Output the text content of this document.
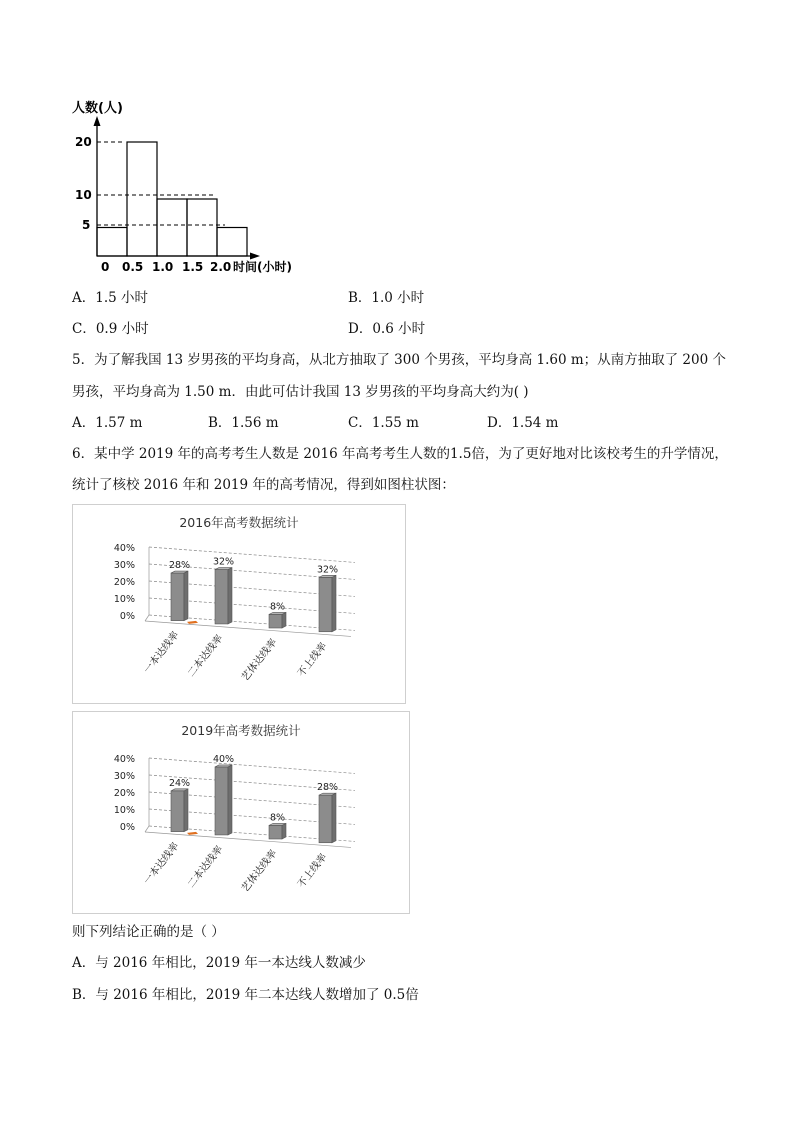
人数(人)
20
10
5
0 0.5 1.0 1.5 2.0 时间(小时)
A．1.5 小时	B．1.0 小时
C．0.9 小时	D．0.6 小时
5．为了解我国 13 岁男孩的平均身高，从北方抽取了 300 个男孩，平均身高 1.60 m；从南方抽取了 200 个
男孩，平均身高为 1.50 m．由此可估计我国 13 岁男孩的平均身高大约为( )
A．1.57 m	B．1.56 m	C．1.55 m	D．1.54 m
6．某中学 2019 年的高考考生人数是 2016 年高考考生人数的1.5倍，为了更好地对比该校考生的升学情况，
统计了核校 2016 年和 2019 年的高考情况，得到如图柱状图：
2016年高考数据统计
40%
30%
20%
10%
0%
28%
一本达线率
32%
二本达线率
8%
艺体达线率
32%
不上线率
2019年高考数据统计
40%
30%
20%
10%
0%
24%
一本达线率
40%
二本达线率
8%
艺体达线率
28%
不上线率
则下列结论正确的是（ ）
A．与 2016 年相比，2019 年一本达线人数减少
B．与 2016 年相比，2019 年二本达线人数增加了 0.5倍
